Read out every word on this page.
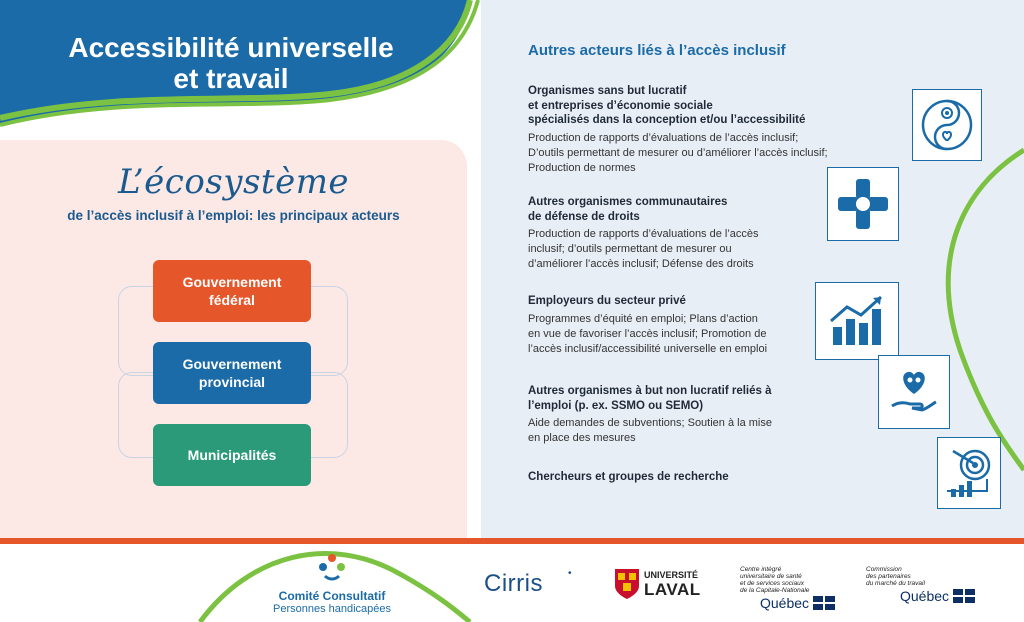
Accessibilité universelle
et travail
L’écosystème
de l’accès inclusif à l’emploi: les principaux acteurs
Gouvernement
fédéral
Gouvernement
provincial
Municipalités
Autres acteurs liés à l’accès inclusif
Organismes sans but lucratif
et entreprises d’économie sociale
spécialisés dans la conception et/ou l’accessibilité
Production de rapports d’évaluations de l’accès inclusif;
D’outils permettant de mesurer ou d’améliorer l’accès inclusif;
Production de normes
Autres organismes communautaires
de défense de droits
Production de rapports d’évaluations de l’accès
inclusif; d’outils permettant de mesurer ou
d’améliorer l’accès inclusif; Défense des droits
Employeurs du secteur privé
Programmes d’équité en emploi; Plans d’action
en vue de favoriser l’accès inclusif; Promotion de
l’accès inclusif/accessibilité universelle en emploi
Autres organismes à but non lucratif reliés à
l’emploi (p. ex. SSMO ou SEMO)
Aide demandes de subventions; Soutien à la mise
en place des mesures
Chercheurs et groupes de recherche
Comité Consultatif
Personnes handicapées
Cirris	•	UNIVERSITÉ
LAVAL
Centre intégré
universitaire de santé
et de services sociaux
de la Capitale-Nationale
Québec
Commission
des partenaires
du marché du travail
Québec
